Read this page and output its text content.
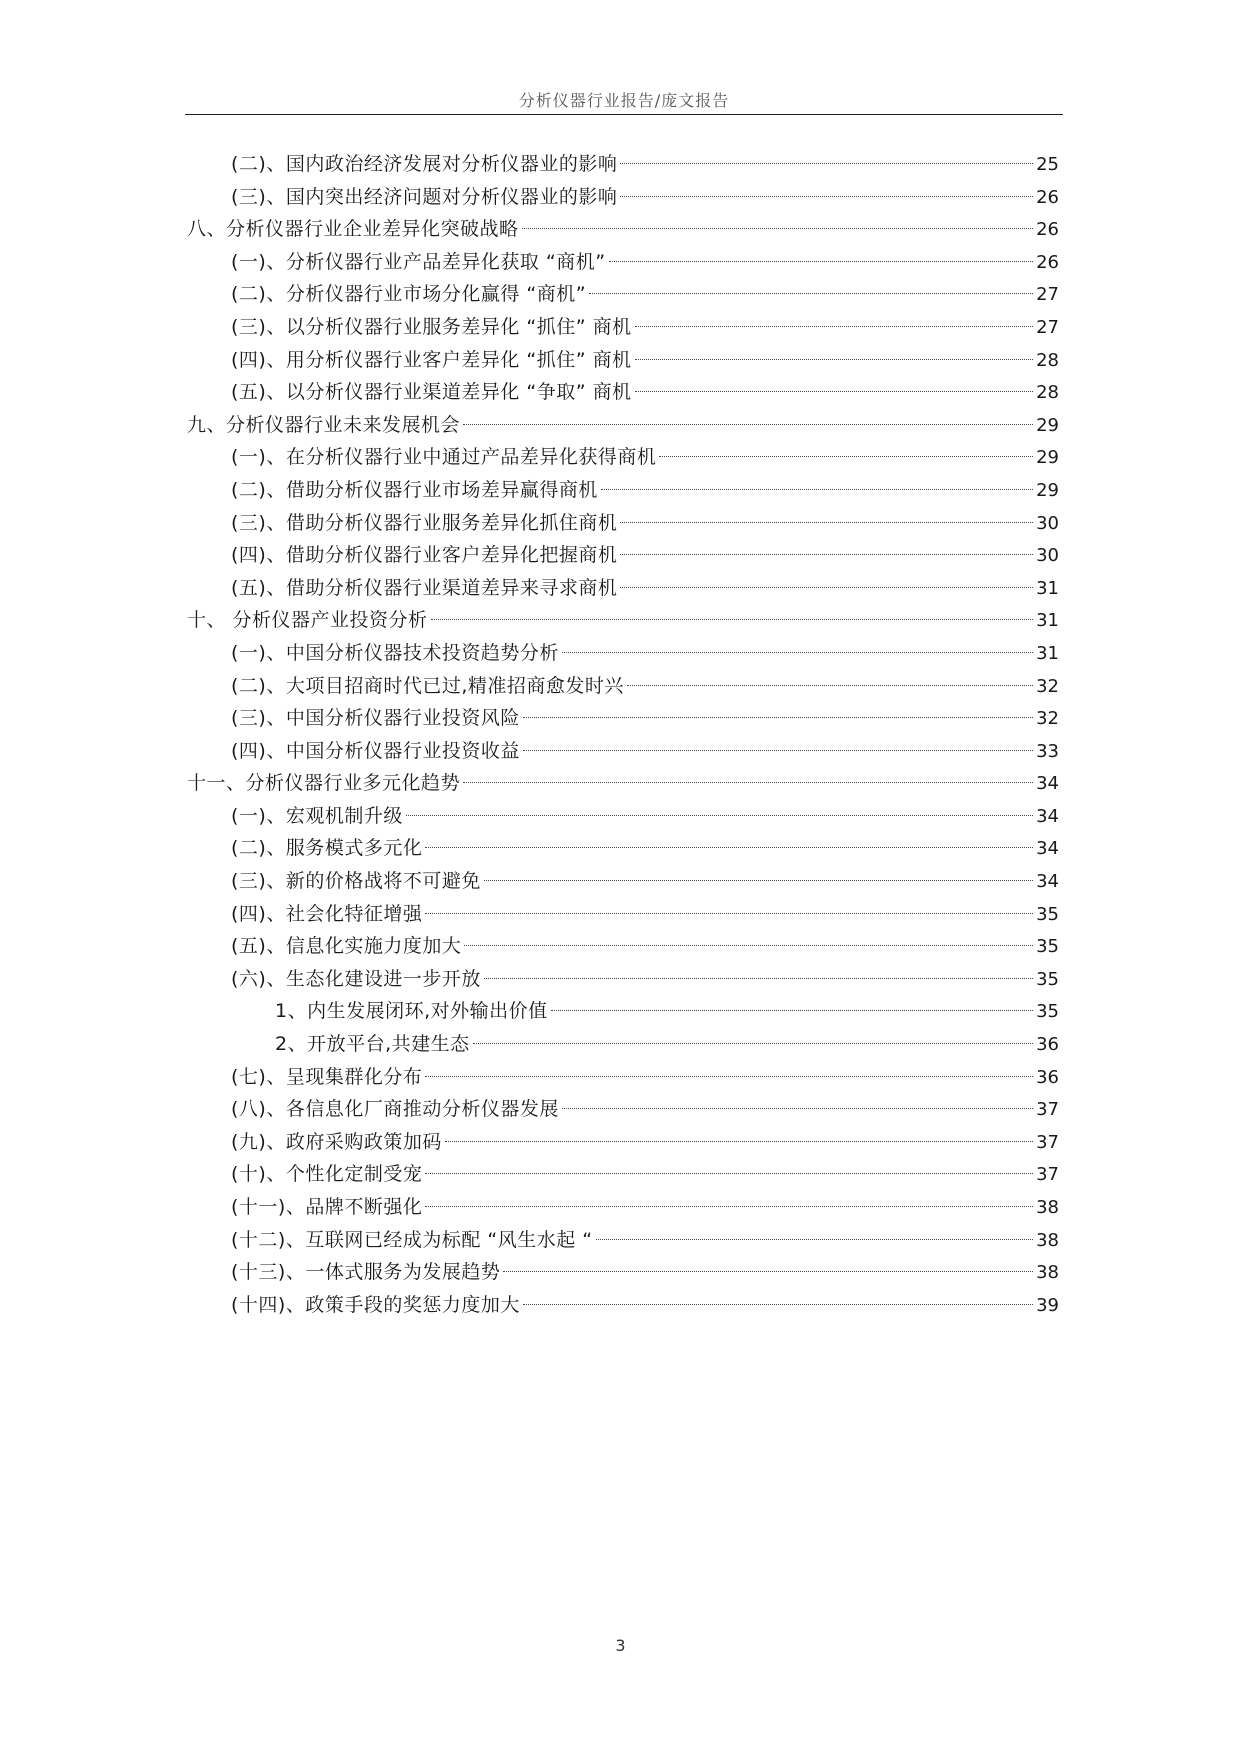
分析仪器行业报告/庞文报告
(二)、国内政治经济发展对分析仪器业的影响	25
(三)、国内突出经济问题对分析仪器业的影响	26
八、分析仪器行业企业差异化突破战略	26
(一)、分析仪器行业产品差异化获取 “商机”	26
(二)、分析仪器行业市场分化赢得 “商机”	27
(三)、以分析仪器行业服务差异化 “抓住” 商机	27
(四)、用分析仪器行业客户差异化 “抓住” 商机	28
(五)、以分析仪器行业渠道差异化 “争取” 商机	28
九、分析仪器行业未来发展机会	29
(一)、在分析仪器行业中通过产品差异化获得商机	29
(二)、借助分析仪器行业市场差异赢得商机	29
(三)、借助分析仪器行业服务差异化抓住商机	30
(四)、借助分析仪器行业客户差异化把握商机	30
(五)、借助分析仪器行业渠道差异来寻求商机	31
十、 分析仪器产业投资分析	31
(一)、中国分析仪器技术投资趋势分析	31
(二)、大项目招商时代已过,精准招商愈发时兴	32
(三)、中国分析仪器行业投资风险	32
(四)、中国分析仪器行业投资收益	33
十一、分析仪器行业多元化趋势	34
(一)、宏观机制升级	34
(二)、服务模式多元化	34
(三)、新的价格战将不可避免	34
(四)、社会化特征增强	35
(五)、信息化实施力度加大	35
(六)、生态化建设进一步开放	35
1、内生发展闭环,对外输出价值	35
2、开放平台,共建生态	36
(七)、呈现集群化分布	36
(八)、各信息化厂商推动分析仪器发展	37
(九)、政府采购政策加码	37
(十)、个性化定制受宠	37
(十一)、品牌不断强化	38
(十二)、互联网已经成为标配 “风生水起 “	38
(十三)、一体式服务为发展趋势	38
(十四)、政策手段的奖惩力度加大	39
3
